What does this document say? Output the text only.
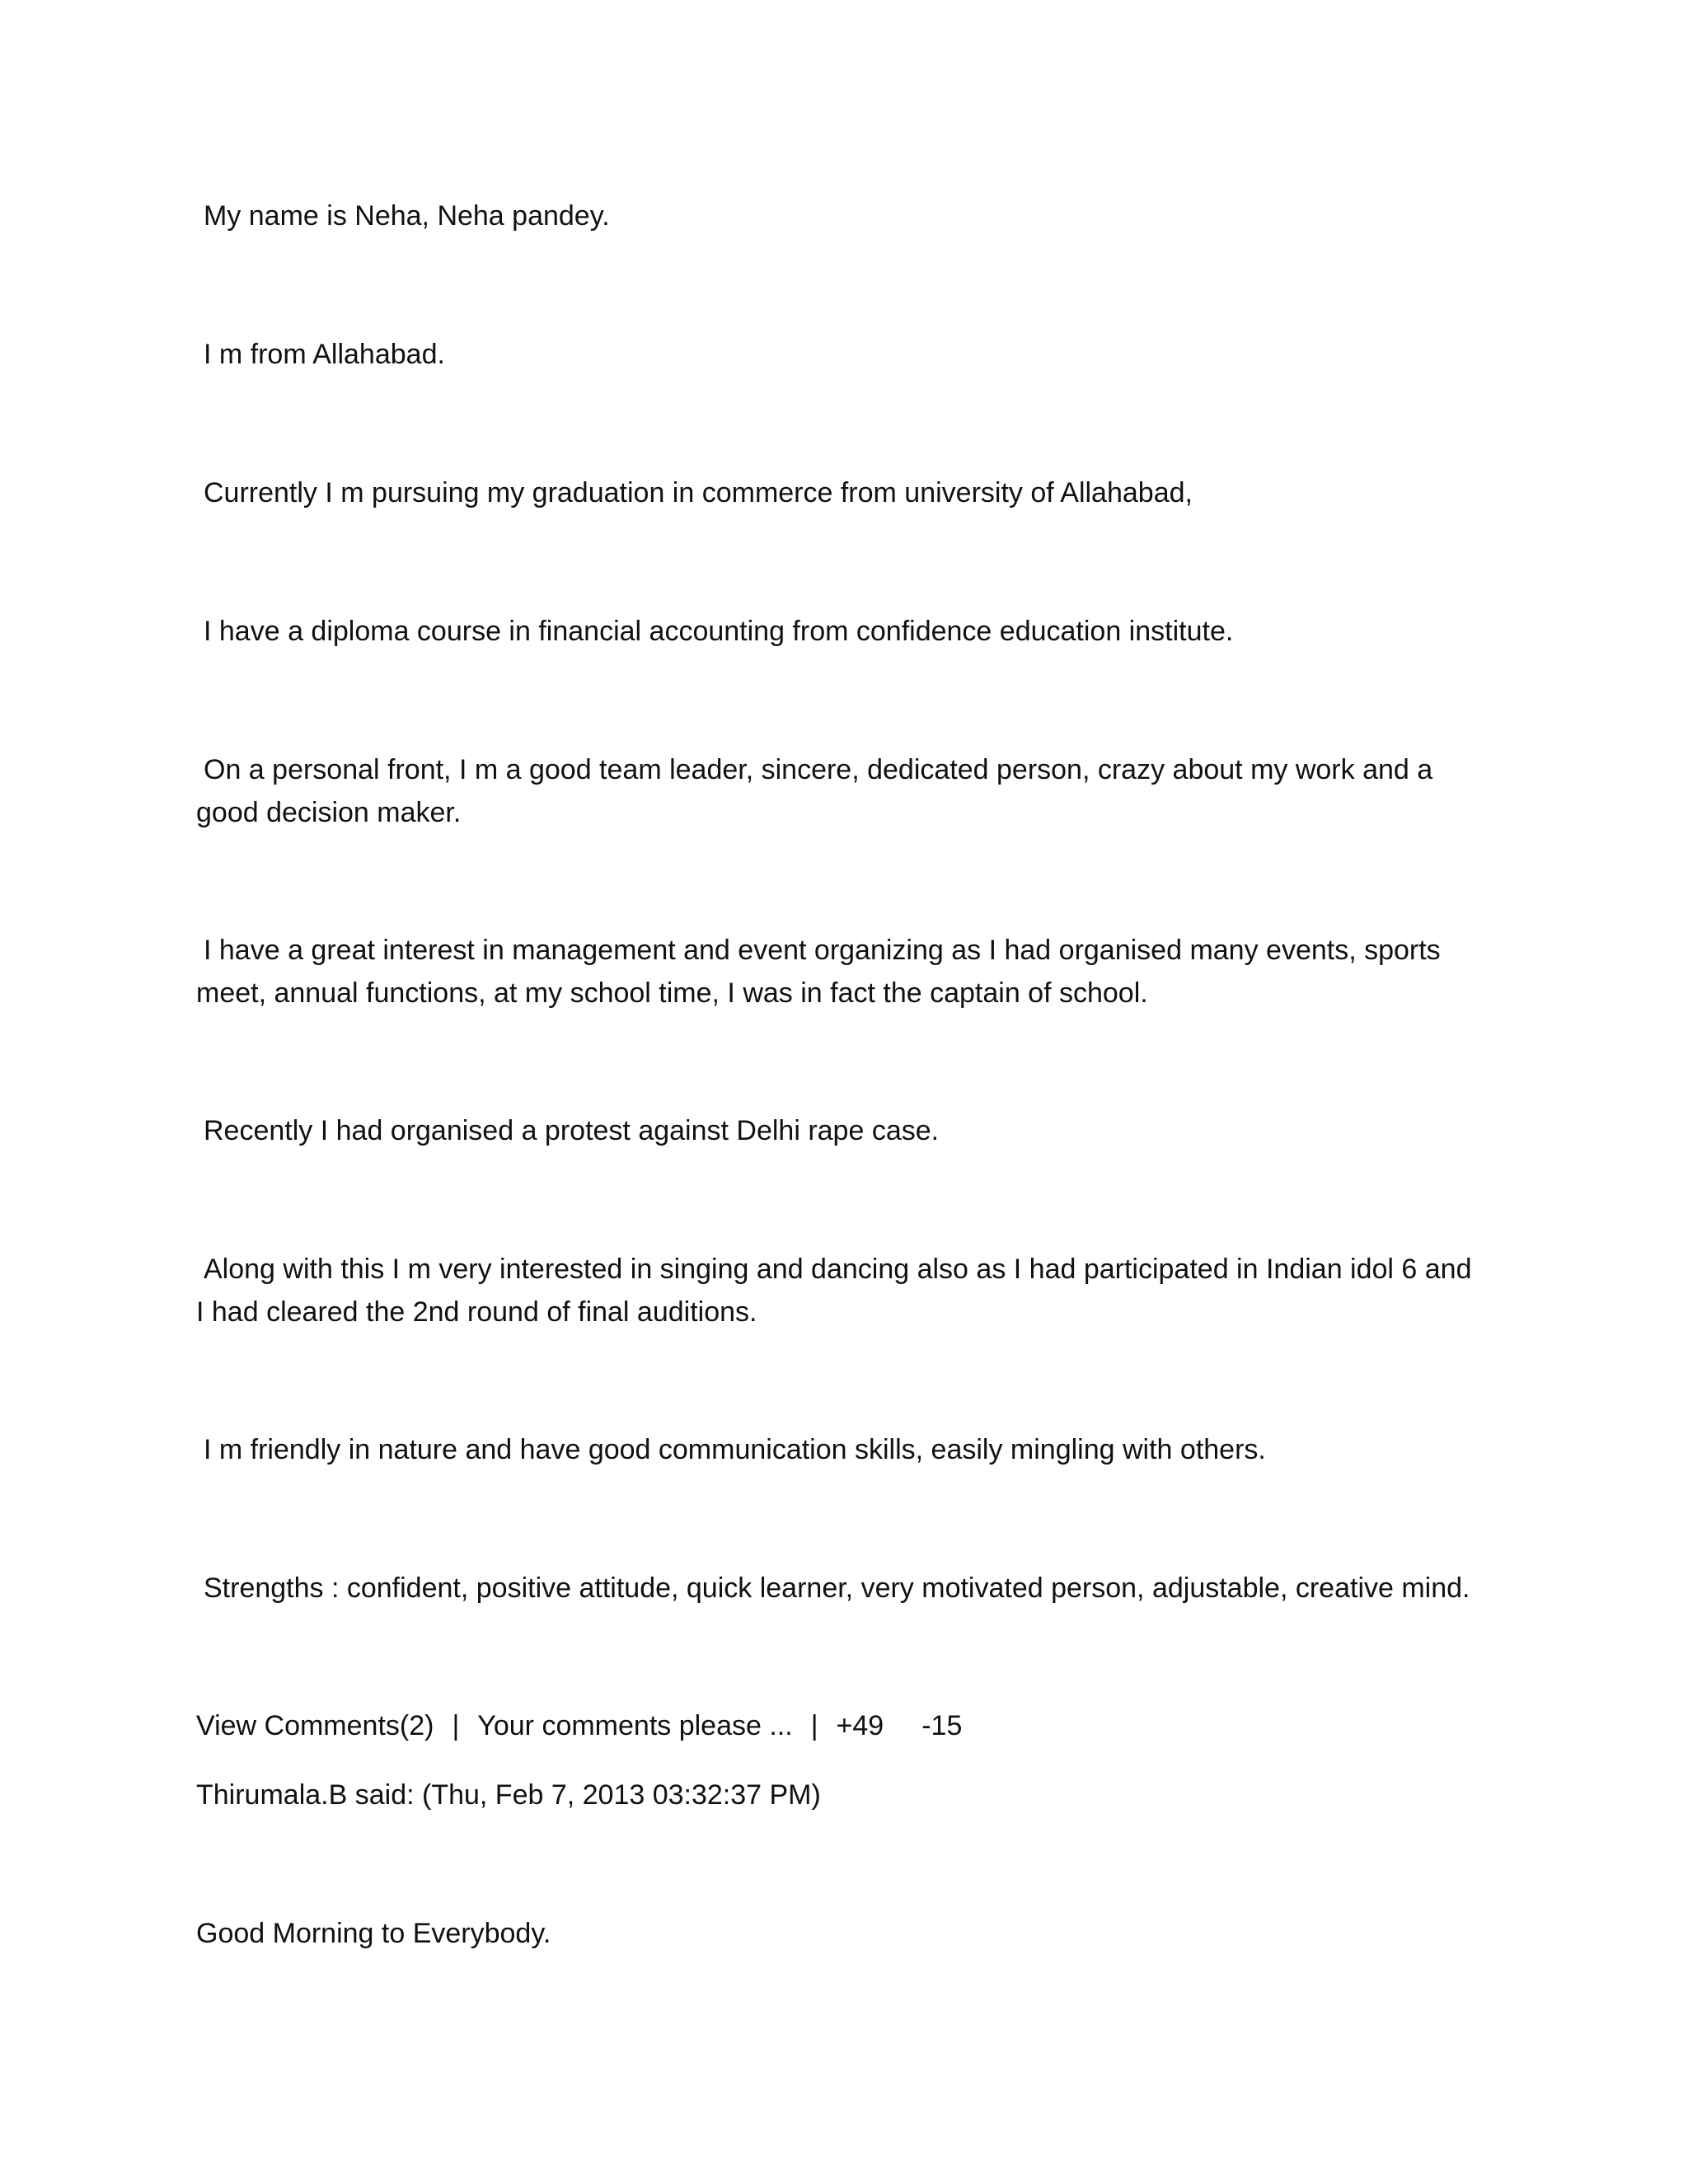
My name is Neha, Neha pandey.

I m from Allahabad.

Currently I m pursuing my graduation in commerce from university of Allahabad,

I have a diploma course in financial accounting from confidence education institute.

On a personal front, I m a good team leader, sincere, dedicated person, crazy about my work and a good decision maker.

I have a great interest in management and event organizing as I had organised many events, sports meet, annual functions, at my school time, I was in fact the captain of school.

Recently I had organised a protest against Delhi rape case.

Along with this I m very interested in singing and dancing also as I had participated in Indian idol 6 and I had cleared the 2nd round of final auditions.

I m friendly in nature and have good communication skills, easily mingling with others.

Strengths : confident, positive attitude, quick learner, very motivated person, adjustable, creative mind.

View Comments(2) | Your comments please ... | +49 -15

Thirumala.B said: (Thu, Feb 7, 2013 03:32:37 PM)

Good Morning to Everybody.
